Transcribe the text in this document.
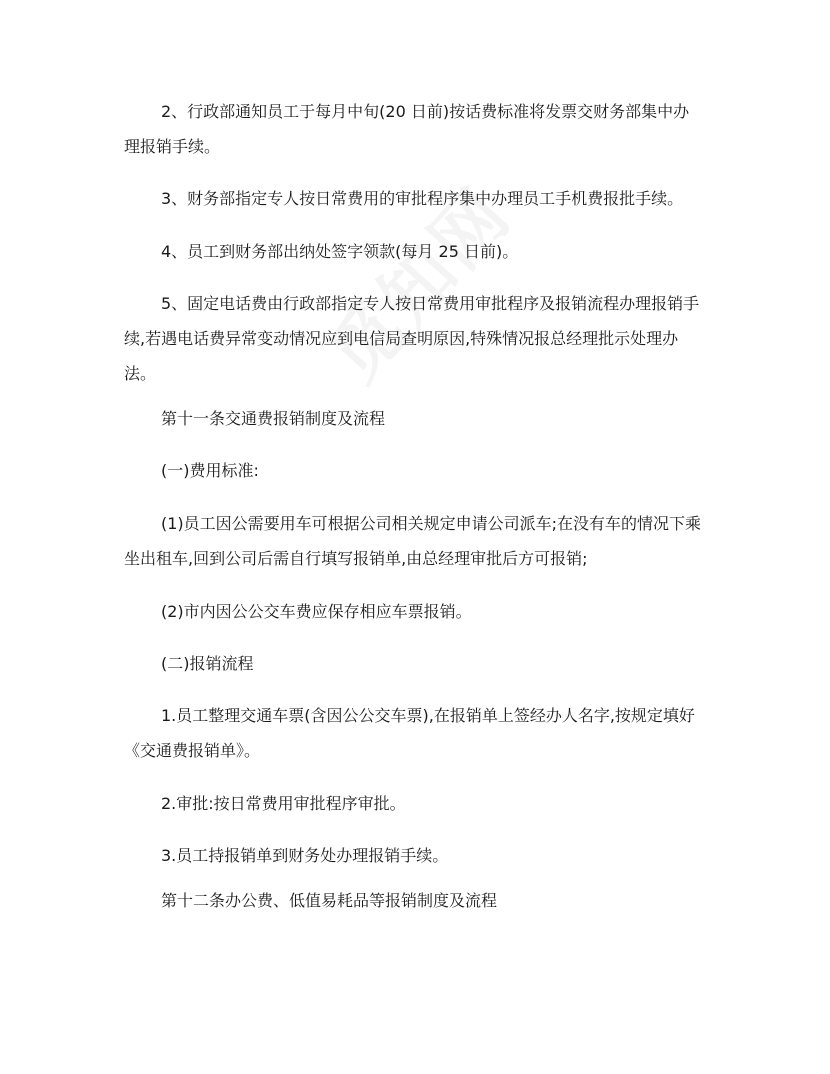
2、行政部通知员工于每月中旬(20 日前)按话费标准将发票交财务部集中办

理报销手续。

3、财务部指定专人按日常费用的审批程序集中办理员工手机费报批手续。

4、员工到财务部出纳处签字领款(每月 25 日前)。

5、固定电话费由行政部指定专人按日常费用审批程序及报销流程办理报销手

续,若遇电话费异常变动情况应到电信局查明原因,特殊情况报总经理批示处理办

法。

第十一条交通费报销制度及流程

(一)费用标准:

(1)员工因公需要用车可根据公司相关规定申请公司派车;在没有车的情况下乘

坐出租车,回到公司后需自行填写报销单,由总经理审批后方可报销;

(2)市内因公公交车费应保存相应车票报销。

(二)报销流程

1.员工整理交通车票(含因公公交车票),在报销单上签经办人名字,按规定填好

《交通费报销单》。

2.审批:按日常费用审批程序审批。

3.员工持报销单到财务处办理报销手续。

第十二条办公费、低值易耗品等报销制度及流程
